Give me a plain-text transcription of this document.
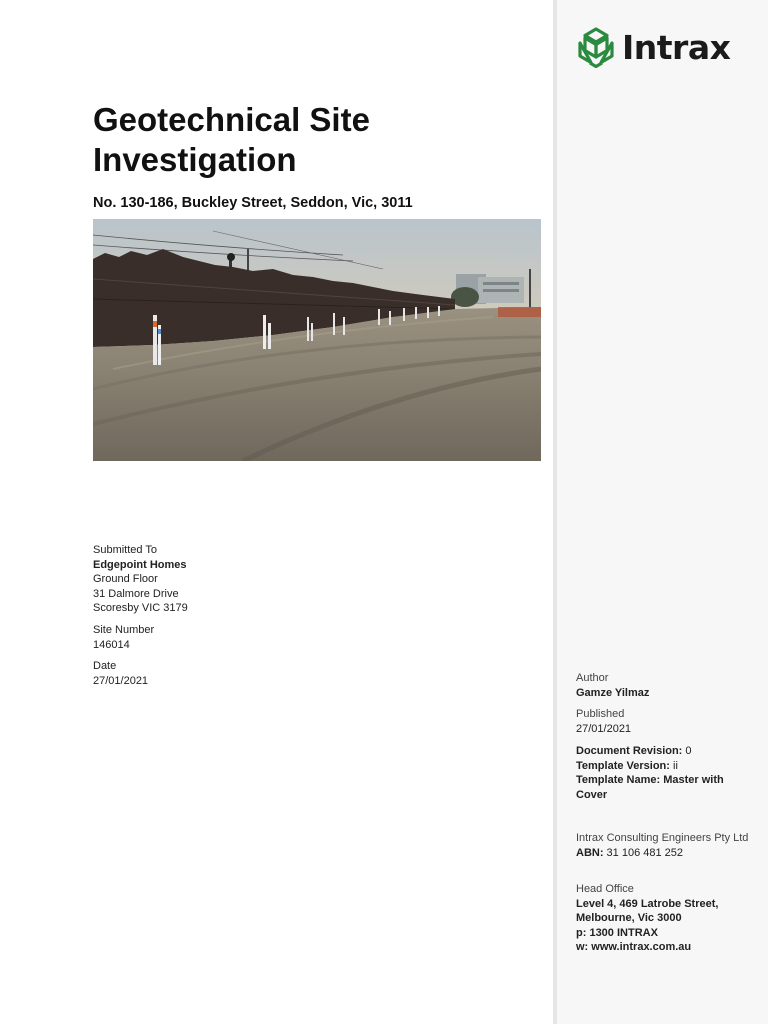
Intrax
Geotechnical Site Investigation
No. 130-186, Buckley Street, Seddon, Vic, 3011
Submitted To
Edgepoint Homes
Ground Floor
31 Dalmore Drive
Scoresby VIC 3179
Site Number
146014
Date
27/01/2021	Author
Gamze Yilmaz
Published
27/01/2021
Document Revision: 0
Template Version: ii
Template Name: Master with Cover
Intrax Consulting Engineers Pty Ltd
ABN: 31 106 481 252
Head Office
Level 4, 469 Latrobe Street,
Melbourne, Vic 3000
p: 1300 INTRAX
w: www.intrax.com.au
